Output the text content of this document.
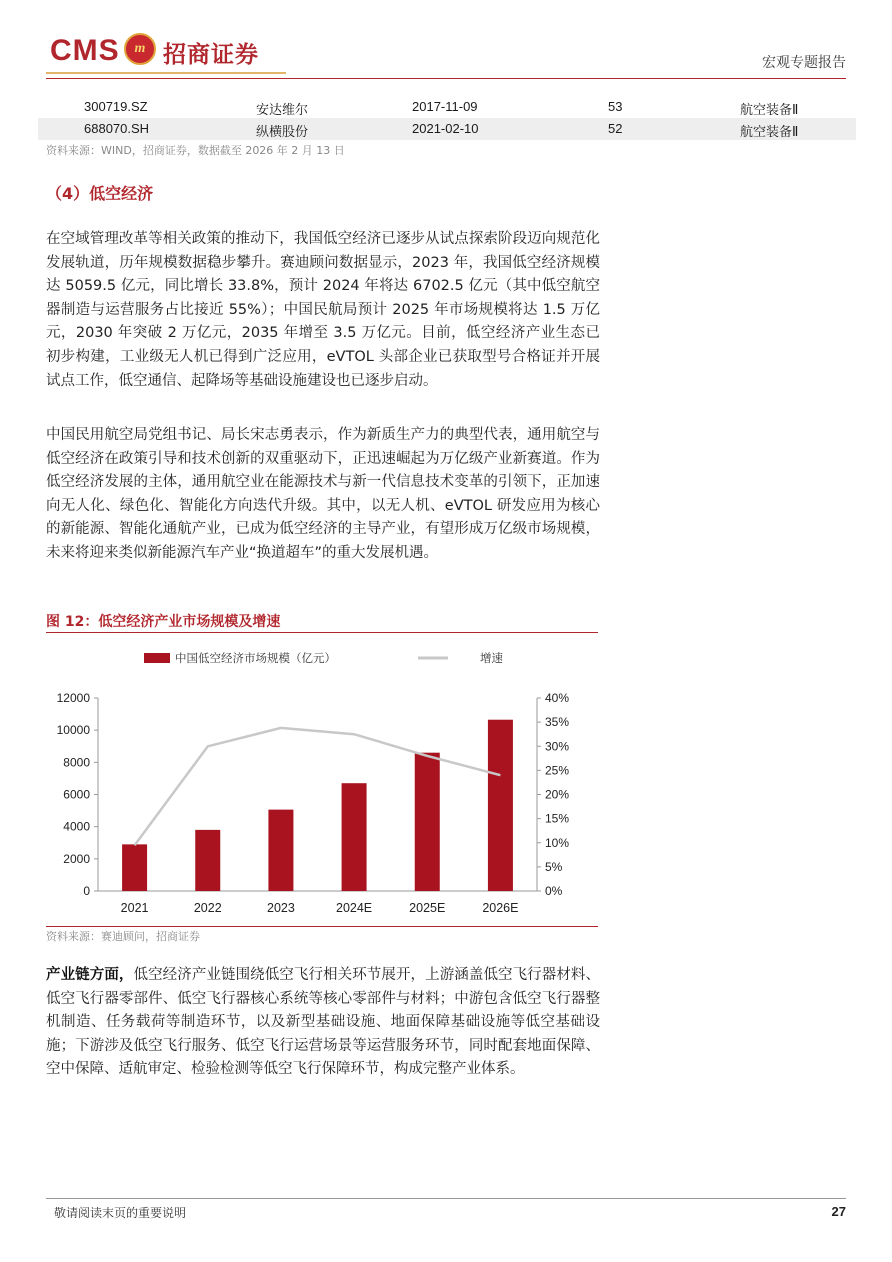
CMS	m 招商证券	宏观专题报告
300719.SZ	安达维尔	2017-11-09	53	航空装备Ⅱ
688070.SH	纵横股份	2021-02-10	52	航空装备Ⅱ
资料来源：WIND，招商证券，数据截至 2026 年 2 月 13 日
（4）低空经济
在空域管理改革等相关政策的推动下，我国低空经济已逐步从试点探索阶段迈向规范化发展轨道，历年规模数据稳步攀升。赛迪顾问数据显示，2023 年，我国低空经济规模达 5059.5 亿元，同比增长 33.8%，预计 2024 年将达 6702.5 亿元（其中低空航空器制造与运营服务占比接近 55%）；中国民航局预计 2025 年市场规模将达 1.5 万亿元，2030 年突破 2 万亿元，2035 年增至 3.5 万亿元。目前，低空经济产业生态已初步构建，工业级无人机已得到广泛应用，eVTOL 头部企业已获取型号合格证并开展试点工作，低空通信、起降场等基础设施建设也已逐步启动。
中国民用航空局党组书记、局长宋志勇表示，作为新质生产力的典型代表，通用航空与低空经济在政策引导和技术创新的双重驱动下，正迅速崛起为万亿级产业新赛道。作为低空经济发展的主体，通用航空业在能源技术与新一代信息技术变革的引领下，正加速向无人化、绿色化、智能化方向迭代升级。其中，以无人机、eVTOL 研发应用为核心的新能源、智能化通航产业，已成为低空经济的主导产业，有望形成万亿级市场规模，未来将迎来类似新能源汽车产业“换道超车”的重大发展机遇。
图 12：低空经济产业市场规模及增速
中国低空经济市场规模（亿元）	增速
0
2000
4000
6000
8000
10000
12000
0%
5%
10%
15%
20%
25%
30%
35%
40%
2021	2022	2023	2024E	2025E	2026E
资料来源：赛迪顾问，招商证券
产业链方面，低空经济产业链围绕低空飞行相关环节展开，上游涵盖低空飞行器材料、低空飞行器零部件、低空飞行器核心系统等核心零部件与材料；中游包含低空飞行器整机制造、任务载荷等制造环节，以及新型基础设施、地面保障基础设施等低空基础设施；下游涉及低空飞行服务、低空飞行运营场景等运营服务环节，同时配套地面保障、空中保障、适航审定、检验检测等低空飞行保障环节，构成完整产业体系。
敬请阅读末页的重要说明	27
